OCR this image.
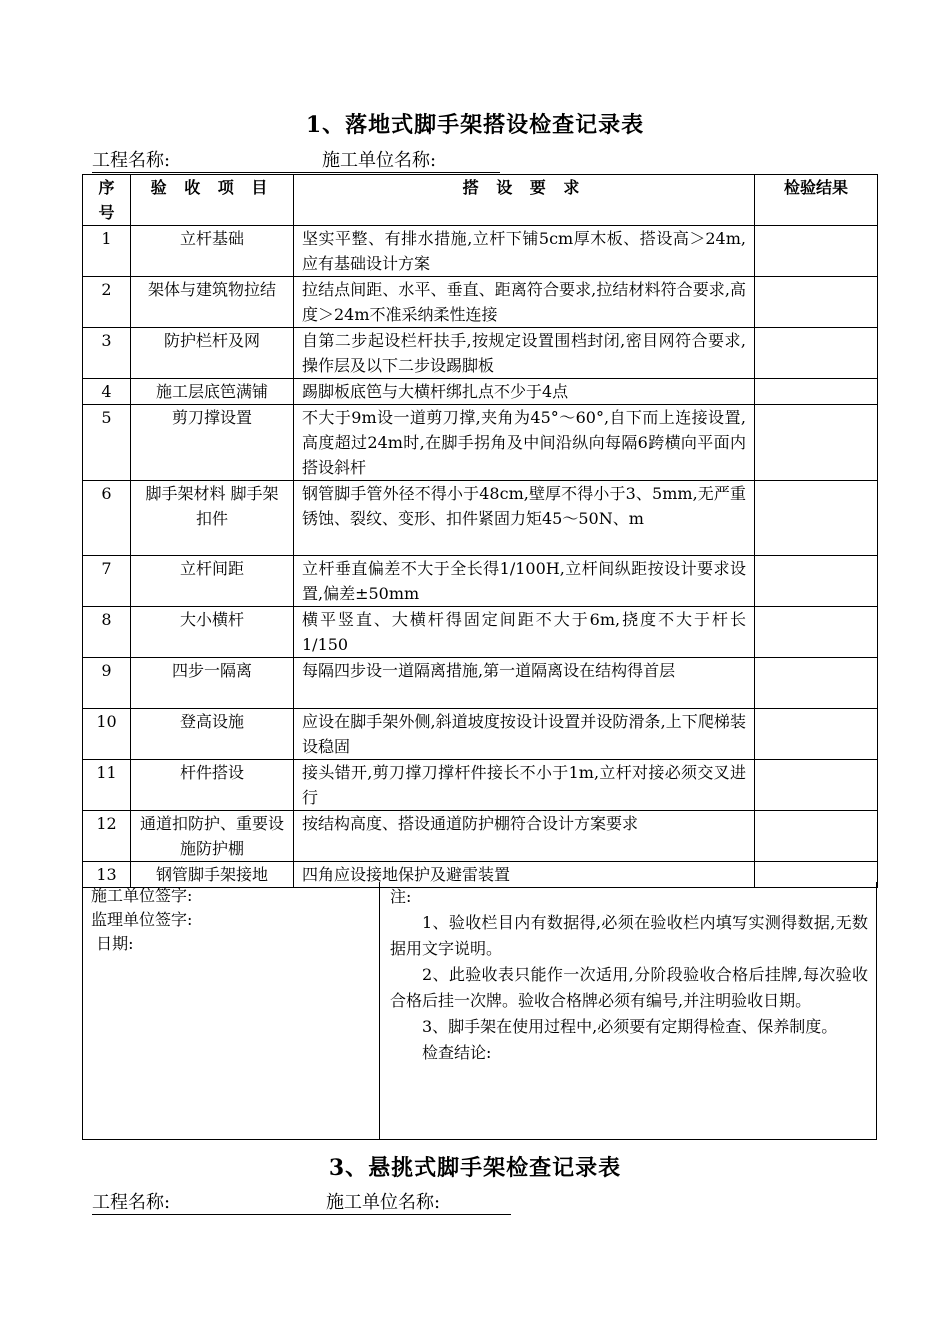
1、落地式脚手架搭设检查记录表
工程名称:	施工单位名称:
序号	验 收 项 目	搭 设 要 求	检验结果
1	立杆基础	坚实平整、有排水措施,立杆下铺5cm厚木板、搭设高＞24m,应有基础设计方案	
2	架体与建筑物拉结	拉结点间距、水平、垂直、距离符合要求,拉结材料符合要求,高度＞24m不准采纳柔性连接	
3	防护栏杆及网	自第二步起设栏杆扶手,按规定设置围档封闭,密目网符合要求,操作层及以下二步设踢脚板	
4	施工层底笆满铺	踢脚板底笆与大横杆绑扎点不少于4点	
5	剪刀撑设置	不大于9m设一道剪刀撑,夹角为45°～60°,自下而上连接设置,高度超过24m时,在脚手拐角及中间沿纵向每隔6跨横向平面内搭设斜杆	
6	脚手架材料 脚手架扣件	钢管脚手管外径不得小于48cm,壁厚不得小于3、5mm,无严重锈蚀、裂纹、变形、扣件紧固力矩45～50N、m	
7	立杆间距	立杆垂直偏差不大于全长得1/100H,立杆间纵距按设计要求设置,偏差±50mm	
8	大小横杆	横平竖直、大横杆得固定间距不大于6m,挠度不大于杆长1/150	
9	四步一隔离	每隔四步设一道隔离措施,第一道隔离设在结构得首层	
10	登高设施	应设在脚手架外侧,斜道坡度按设计设置并设防滑条,上下爬梯装设稳固	
11	杆件搭设	接头错开,剪刀撑刀撑杆件接长不小于1m,立杆对接必须交叉进行	
12	通道扣防护、重要设施防护棚	按结构高度、搭设通道防护棚符合设计方案要求	
13	钢管脚手架接地	四角应设接地保护及避雷装置	
施工单位签字:
监理单位签字:
日期:

注:

1、验收栏目内有数据得,必须在验收栏内填写实测得数据,无数据用文字说明。

2、此验收表只能作一次适用,分阶段验收合格后挂牌,每次验收合格后挂一次牌。验收合格牌必须有编号,并注明验收日期。

3、脚手架在使用过程中,必须要有定期得检查、保养制度。

检查结论:

3、悬挑式脚手架检查记录表
工程名称:	施工单位名称:
